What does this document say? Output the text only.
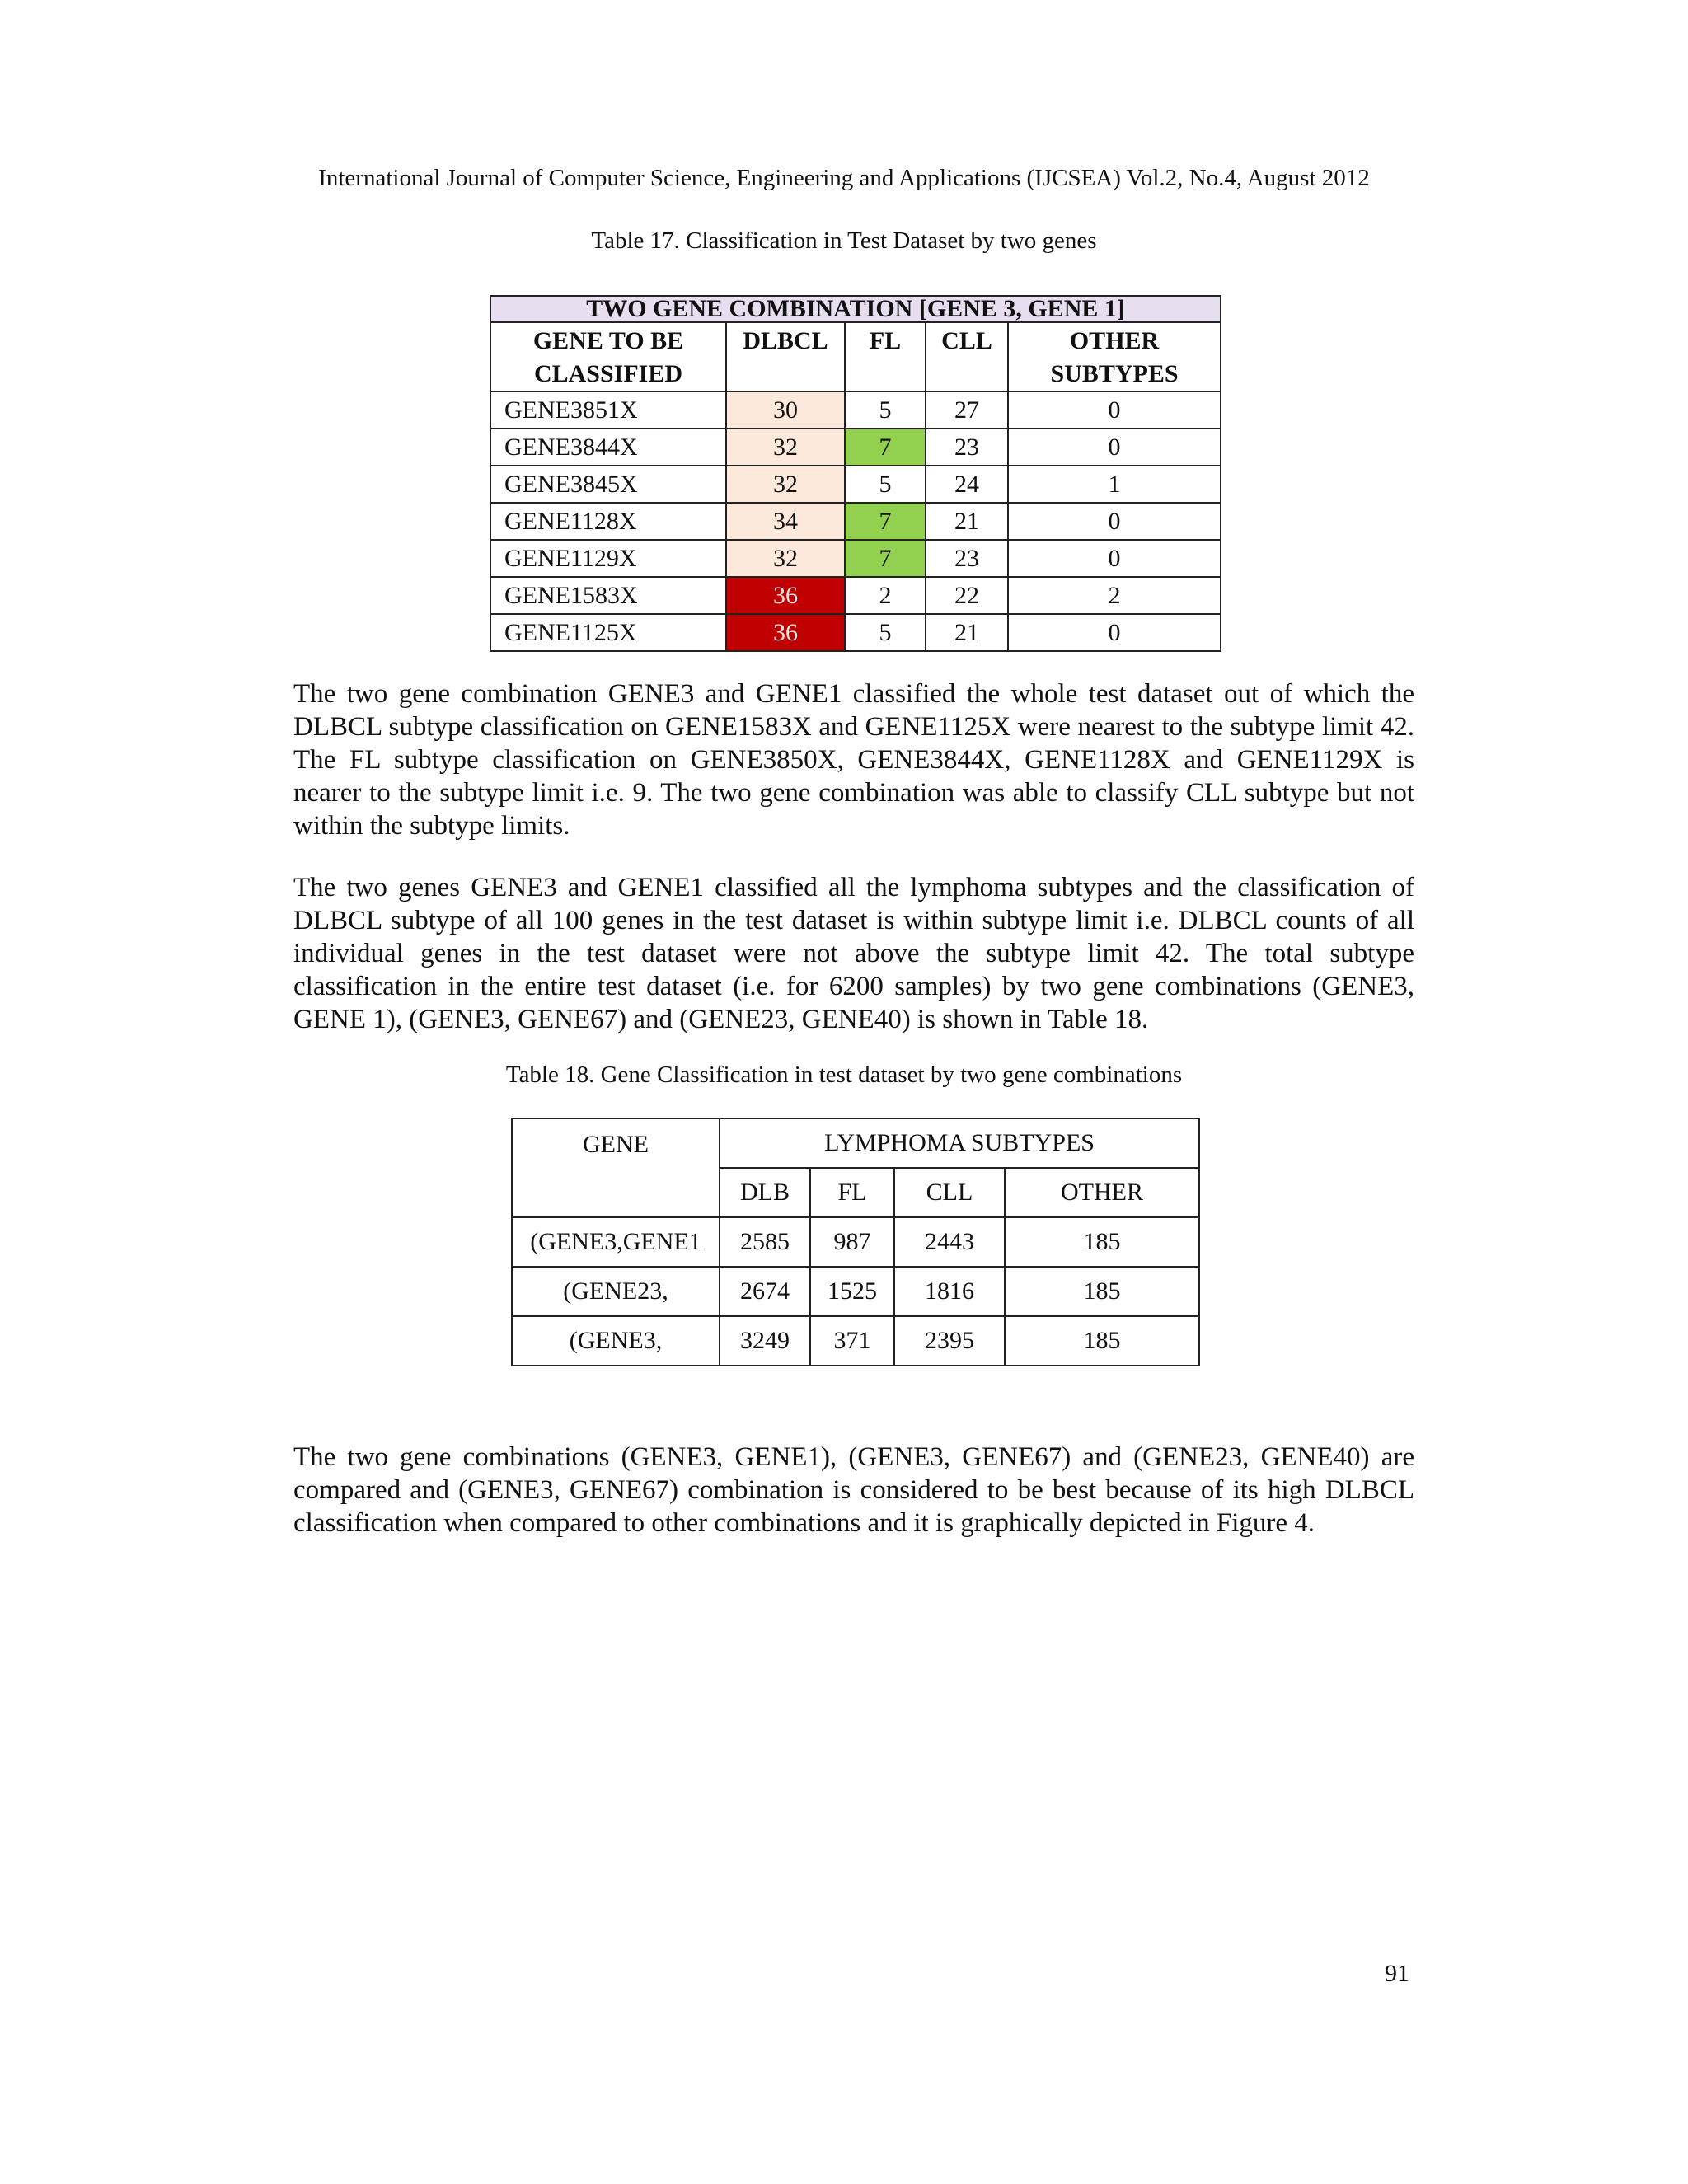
International Journal of Computer Science, Engineering and Applications (IJCSEA) Vol.2, No.4, August 2012
Table 17. Classification in Test Dataset by two genes
TWO GENE COMBINATION [GENE 3, GENE 1]				
GENE TO BE CLASSIFIED	DLBCL	FL	CLL	OTHER SUBTYPES
GENE3851X	30	5	27	0
GENE3844X	32	7	23	0
GENE3845X	32	5	24	1
GENE1128X	34	7	21	0
GENE1129X	32	7	23	0
GENE1583X	36	2	22	2
GENE1125X	36	5	21	0
The two gene combination GENE3 and GENE1 classified the whole test dataset out of which the DLBCL subtype classification on GENE1583X and GENE1125X were nearest to the subtype limit 42. The FL subtype classification on GENE3850X, GENE3844X, GENE1128X and GENE1129X is nearer to the subtype limit i.e. 9. The two gene combination was able to classify CLL subtype but not within the subtype limits.
The two genes GENE3 and GENE1 classified all the lymphoma subtypes and the classification of DLBCL subtype of all 100 genes in the test dataset is within subtype limit i.e. DLBCL counts of all individual genes in the test dataset were not above the subtype limit 42. The total subtype classification in the entire test dataset (i.e. for 6200 samples) by two gene combinations (GENE3, GENE 1), (GENE3, GENE67) and (GENE23, GENE40) is shown in Table 18.
Table 18. Gene Classification in test dataset by two gene combinations
GENE	LYMPHOMA SUBTYPES			
	DLB	FL	CLL	OTHER
(GENE3,GENE1	2585	987	2443	185
(GENE23,	2674	1525	1816	185
(GENE3,	3249	371	2395	185
The two gene combinations (GENE3, GENE1), (GENE3, GENE67) and (GENE23, GENE40) are compared and (GENE3, GENE67) combination is considered to be best because of its high DLBCL classification when compared to other combinations and it is graphically depicted in Figure 4.
91
